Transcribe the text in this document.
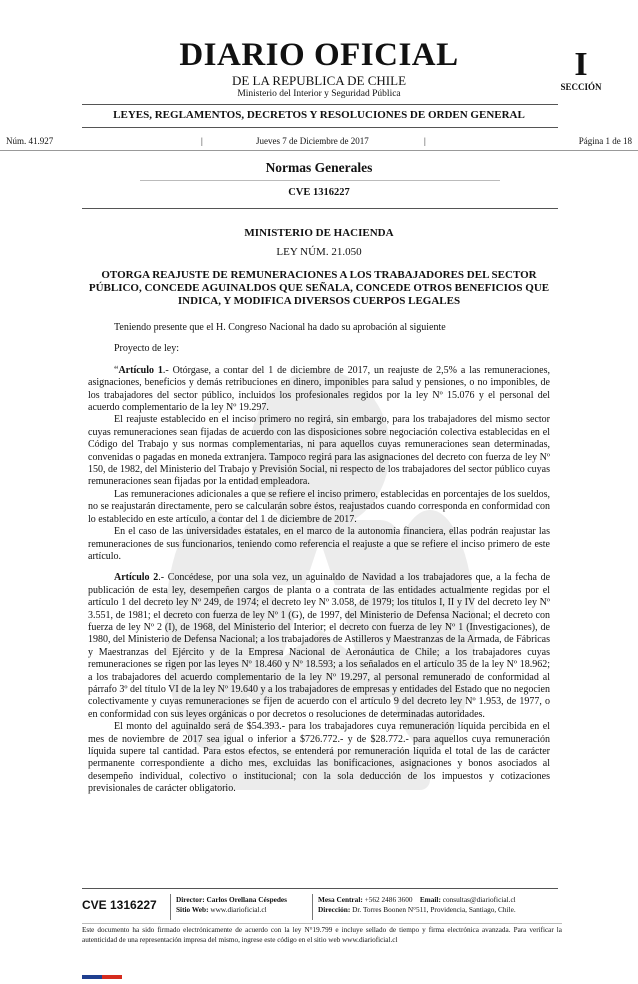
DIARIO OFICIAL
DE LA REPUBLICA DE CHILE
Ministerio del Interior y Seguridad Pública
I
SECCIÓN
LEYES, REGLAMENTOS, DECRETOS Y RESOLUCIONES DE ORDEN GENERAL
Núm. 41.927	|	Jueves 7 de Diciembre de 2017	|	Página 1 de 18
Normas Generales
CVE 1316227
MINISTERIO DE HACIENDA
LEY NÚM. 21.050
OTORGA REAJUSTE DE REMUNERACIONES A LOS TRABAJADORES DEL SECTOR PÚBLICO, CONCEDE AGUINALDOS QUE SEÑALA, CONCEDE OTROS BENEFICIOS QUE INDICA, Y MODIFICA DIVERSOS CUERPOS LEGALES

Teniendo presente que el H. Congreso Nacional ha dado su aprobación al siguiente

Proyecto de ley:

“Artículo 1.- Otórgase, a contar del 1 de diciembre de 2017, un reajuste de 2,5% a las remuneraciones, asignaciones, beneficios y demás retribuciones en dinero, imponibles para salud y pensiones, o no imponibles, de los trabajadores del sector público, incluidos los profesionales regidos por la ley Nº 15.076 y el personal del acuerdo complementario de la ley Nº 19.297.

El reajuste establecido en el inciso primero no regirá, sin embargo, para los trabajadores del mismo sector cuyas remuneraciones sean fijadas de acuerdo con las disposiciones sobre negociación colectiva establecidas en el Código del Trabajo y sus normas complementarias, ni para aquellos cuyas remuneraciones sean determinadas, convenidas o pagadas en moneda extranjera. Tampoco regirá para las asignaciones del decreto con fuerza de ley Nº 150, de 1982, del Ministerio del Trabajo y Previsión Social, ni respecto de los trabajadores del sector público cuyas remuneraciones sean fijadas por la entidad empleadora.

Las remuneraciones adicionales a que se refiere el inciso primero, establecidas en porcentajes de los sueldos, no se reajustarán directamente, pero se calcularán sobre éstos, reajustados cuando corresponda en conformidad con lo establecido en este artículo, a contar del 1 de diciembre de 2017.

En el caso de las universidades estatales, en el marco de la autonomía financiera, ellas podrán reajustar las remuneraciones de sus funcionarios, teniendo como referencia el reajuste a que se refiere el inciso primero de este artículo.

Artículo 2.- Concédese, por una sola vez, un aguinaldo de Navidad a los trabajadores que, a la fecha de publicación de esta ley, desempeñen cargos de planta o a contrata de las entidades actualmente regidas por el artículo 1 del decreto ley Nº 249, de 1974; el decreto ley Nº 3.058, de 1979; los títulos I, II y IV del decreto ley Nº 3.551, de 1981; el decreto con fuerza de ley Nº 1 (G), de 1997, del Ministerio de Defensa Nacional; el decreto con fuerza de ley Nº 2 (I), de 1968, del Ministerio del Interior; el decreto con fuerza de ley Nº 1 (Investigaciones), de 1980, del Ministerio de Defensa Nacional; a los trabajadores de Astilleros y Maestranzas de la Armada, de Fábricas y Maestranzas del Ejército y de la Empresa Nacional de Aeronáutica de Chile; a los trabajadores cuyas remuneraciones se rigen por las leyes Nº 18.460 y Nº 18.593; a los señalados en el artículo 35 de la ley Nº 18.962; a los trabajadores del acuerdo complementario de la ley Nº 19.297, al personal remunerado de conformidad al párrafo 3º del título VI de la ley Nº 19.640 y a los trabajadores de empresas y entidades del Estado que no negocien colectivamente y cuyas remuneraciones se fijen de acuerdo con el artículo 9 del decreto ley Nº 1.953, de 1977, o en conformidad con sus leyes orgánicas o por decretos o resoluciones de determinadas autoridades.

El monto del aguinaldo será de $54.393.- para los trabajadores cuya remuneración líquida percibida en el mes de noviembre de 2017 sea igual o inferior a $726.772.- y de $28.772.- para aquellos cuya remuneración líquida supere tal cantidad. Para estos efectos, se entenderá por remuneración líquida el total de las de carácter permanente correspondiente a dicho mes, excluidas las bonificaciones, asignaciones y bonos asociados al desempeño individual, colectivo o institucional; con la sola deducción de los impuestos y cotizaciones previsionales de carácter obligatorio.

CVE 1316227	Director: Carlos Orellana Céspedes
Sitio Web: www.diarioficial.cl
Mesa Central: +562 2486 3600 Email: consultas@diarioficial.cl
Dirección: Dr. Torres Boonen N°511, Providencia, Santiago, Chile.
Este documento ha sido firmado electrónicamente de acuerdo con la ley N°19.799 e incluye sellado de tiempo y firma electrónica avanzada. Para verificar la autenticidad de una representación impresa del mismo, ingrese este código en el sitio web www.diarioficial.cl
